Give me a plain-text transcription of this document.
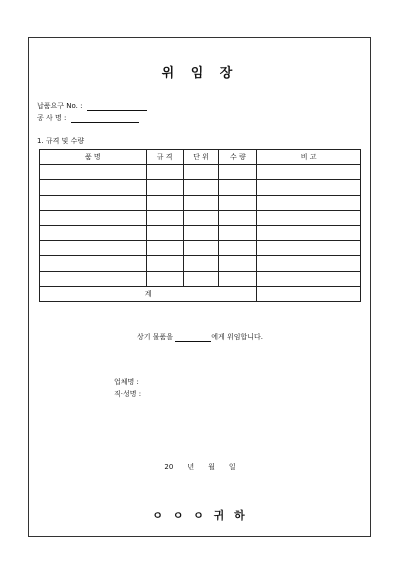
위 임 장
납품요구 No. :
공 사 명 :
1. 규격 및 수량
품 명	규 격	단 위	수 량	비 고

계				
상기 물품을	에게 위임합니다.
업체명 :
직·성명 :
20 년 월 일
ㅇ ㅇ ㅇ 귀 하
